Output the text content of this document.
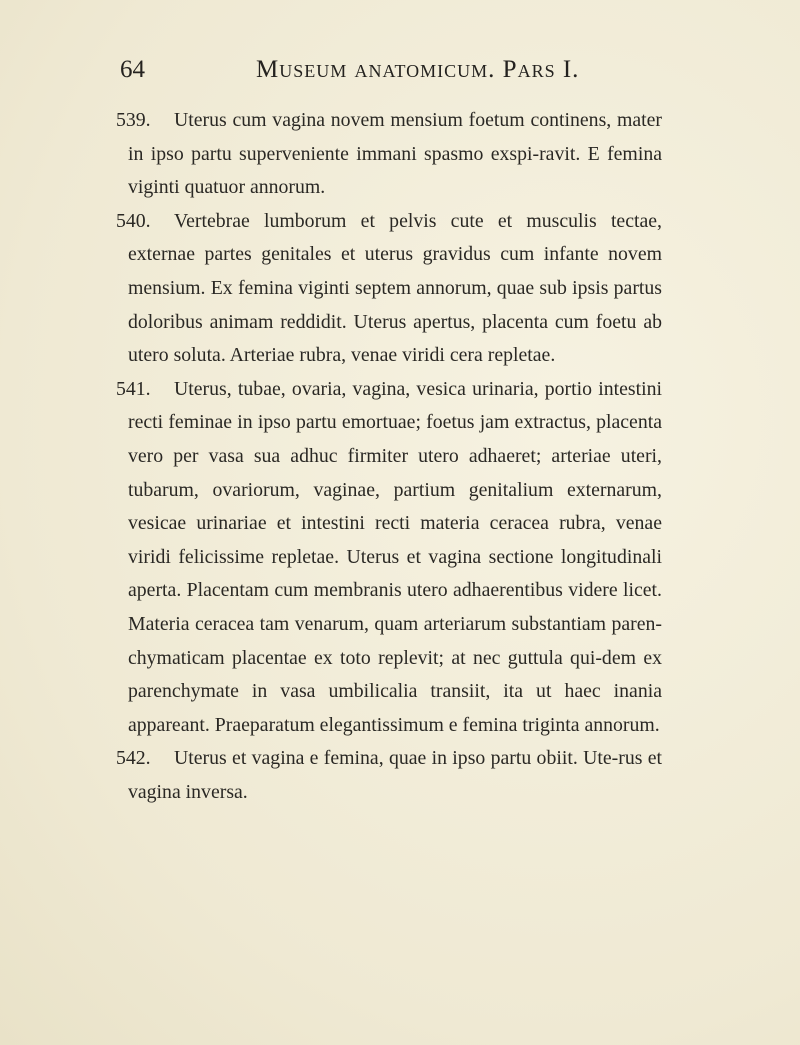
64	Museum anatomicum. Pars I.
539.	Uterus cum vagina novem mensium foetum continens, mater in ipso partu superveniente immani spasmo exspi-ravit. E femina viginti quatuor annorum.
540.	Vertebrae lumborum et pelvis cute et musculis tectae, externae partes genitales et uterus gravidus cum infante novem mensium. Ex femina viginti septem annorum, quae sub ipsis partus doloribus animam reddidit. Uterus apertus, placenta cum foetu ab utero soluta. Arteriae rubra, venae viridi cera repletae.
541.	Uterus, tubae, ovaria, vagina, vesica urinaria, portio intestini recti feminae in ipso partu emortuae; foetus jam extractus, placenta vero per vasa sua adhuc firmiter utero adhaeret; arteriae uteri, tubarum, ovariorum, vaginae, partium genitalium externarum, vesicae urinariae et intestini recti materia ceracea rubra, venae viridi felicissime repletae. Uterus et vagina sectione longitudinali aperta. Placentam cum membranis utero adhaerentibus videre licet. Materia ceracea tam venarum, quam arteriarum substantiam paren-chymaticam placentae ex toto replevit; at nec guttula qui-dem ex parenchymate in vasa umbilicalia transiit, ita ut haec inania appareant. Praeparatum elegantissimum e femina triginta annorum.
542.	Uterus et vagina e femina, quae in ipso partu obiit. Ute-rus et vagina inversa.
